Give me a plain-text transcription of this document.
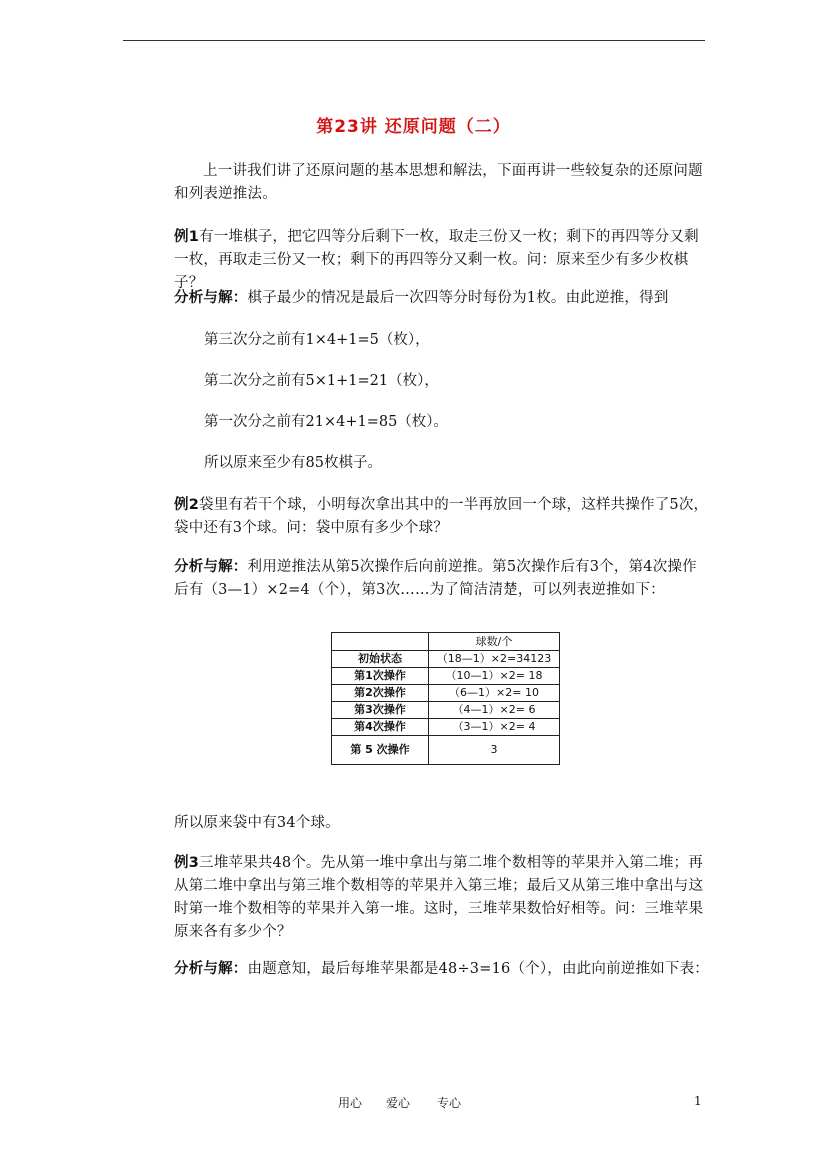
第23讲 还原问题（二）
上一讲我们讲了还原问题的基本思想和解法，下面再讲一些较复杂的还原问题和列表逆推法。
例1有一堆棋子，把它四等分后剩下一枚，取走三份又一枚；剩下的再四等分又剩一枚，再取走三份又一枚；剩下的再四等分又剩一枚。问：原来至少有多少枚棋子？
分析与解：棋子最少的情况是最后一次四等分时每份为1枚。由此逆推，得到
第三次分之前有1×4+1=5（枚），
第二次分之前有5×1+1=21（枚），
第一次分之前有21×4+1=85（枚）。
所以原来至少有85枚棋子。
例2袋里有若干个球，小明每次拿出其中的一半再放回一个球，这样共操作了5次，袋中还有3个球。问：袋中原有多少个球？
分析与解：利用逆推法从第5次操作后向前逆推。第5次操作后有3个，第4次操作后有（3—1）×2=4（个），第3次……为了简洁清楚，可以列表逆推如下：
	球数/个
初始状态	（18—1）×2=34123
第1次操作	（10—1）×2= 18
第2次操作	（6—1）×2= 10
第3次操作	（4—1）×2= 6
第4次操作	（3—1）×2= 4
第 5 次操作	3
所以原来袋中有34个球。
例3三堆苹果共48个。先从第一堆中拿出与第二堆个数相等的苹果并入第二堆；再从第二堆中拿出与第三堆个数相等的苹果并入第三堆；最后又从第三堆中拿出与这时第一堆个数相等的苹果并入第一堆。这时，三堆苹果数恰好相等。问：三堆苹果原来各有多少个？
分析与解：由题意知，最后每堆苹果都是48÷3=16（个），由此向前逆推如下表：
用心 爱心 专心	1
